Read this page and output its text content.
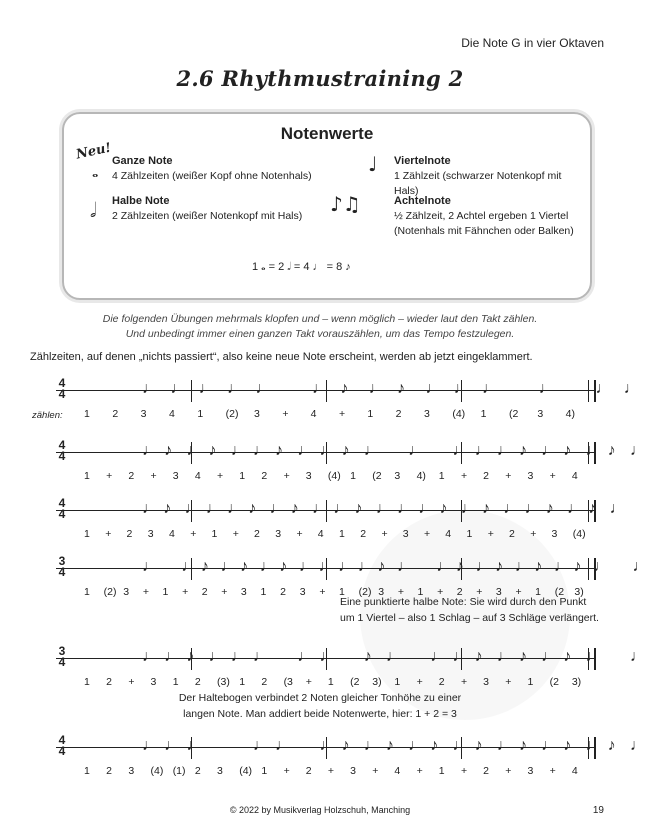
Die Note G in vier Oktaven
2.6 Rhythmustraining 2
Notenwerte
Neu!
𝅝
Ganze Note
4 Zählzeiten (weißer Kopf ohne Notenhals)
𝅗𝅥 Halbe Note
2 Zählzeiten (weißer Notenkopf mit Hals)
♩ Viertelnote
1 Zählzeit (schwarzer Notenkopf mit Hals)
♪♫	Achtelnote
½ Zählzeit, 2 Achtel ergeben 1 Viertel (Notenhals mit Fähnchen oder Balken)
1 𝅝 = 2 𝅗𝅥 = 4 ♩ = 8 ♪
Die folgenden Übungen mehrmals klopfen und – wenn möglich – wieder laut den Takt zählen.
Und unbedingt immer einen ganzen Takt vorauszählen, um das Tempo festzulegen.
Zählzeiten, auf denen „nichts passiert“, also keine neue Note erscheint, werden ab jetzt eingeklammert.
4
4	♩ ♩ ♩ ♩ ♩	♩ ♪ ♩ ♪ ♩ ♩ ♩	♩	♩ ♩
1 2 3 4 1 (2) 3 + 4 + 1 2 3 (4) 1 (2 3 4)
4
4	♩ ♪ ♩ ♪ ♩ ♩ ♪ ♩ ♩ ♪ ♩ ♩ ♩ ♩ ♩ ♪ ♩ ♪ ♩ ♪ ♩
1 + 2 + 3 4 + 1 2 + 3 (4) 1 (2 3 4) 1 + 2 + 3 + 4
4
4	♩ ♪ ♩ ♩ ♩ ♪ ♩ ♪ ♩ ♩ ♪ ♩ ♩ ♩ ♪ ♩ ♪ ♩ ♩ ♪ ♩ ♪ ♩
1 + 2 3 4 + 1 + 2 3 + 4 1 2 + 3 + 4 1 + 2 + 3 (4)
3
4	♩ ♩ ♪ ♩ ♪ ♩ ♪ ♩ ♩ ♩ ♩ ♪ ♩ ♩ ♪ ♩ ♪ ♩ ♪ ♩ ♪ ♩ ♩
1 (2) 3 + 1 + 2 + 3 1 2 3 + 1 (2) 3 + 1 + 2 + 3 + 1 (2 3)
3
4	♩ ♩ ♪ ♩ ♩ ♩ ♩ ♩ ♪ ♩ ♩ ♩ ♪ ♩ ♪ ♩ ♪ ♩ ♩
1 2 + 3 1 2 (3) 1 2 (3 + 1 (2 3) 1 + 2 + 3 + 1 (2 3)
4
4	♩ ♩ ♩	♩ ♩ ♩ ♪ ♩ ♪ ♩ ♪ ♩ ♪ ♩ ♪ ♩ ♪ ♩ ♪ ♩
1 2 3 (4) (1) 2 3 (4) 1 + 2 + 3 + 4 + 1 + 2 + 3 + 4
zählen:
Eine punktierte halbe Note: Sie wird durch den Punkt
um 1 Viertel – also 1 Schlag – auf 3 Schläge verlängert.
Der Haltebogen verbindet 2 Noten gleicher Tonhöhe zu einer
langen Note. Man addiert beide Notenwerte, hier: 1 + 2 = 3
© 2022 by Musikverlag Holzschuh, Manching	19
